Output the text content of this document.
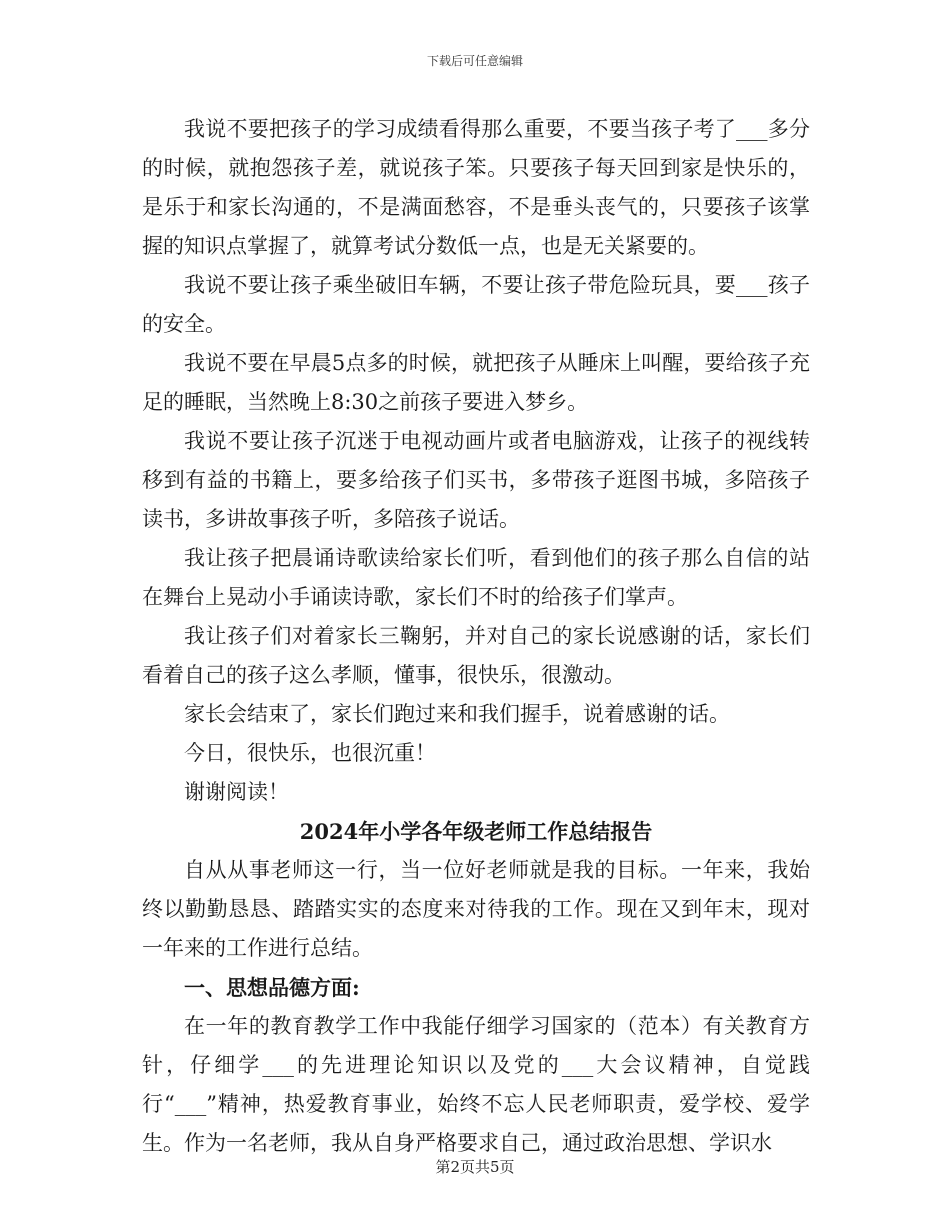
下载后可任意编辑

我说不要把孩子的学习成绩看得那么重要，不要当孩子考了___多分的时候，就抱怨孩子差，就说孩子笨。只要孩子每天回到家是快乐的，是乐于和家长沟通的，不是满面愁容，不是垂头丧气的，只要孩子该掌握的知识点掌握了，就算考试分数低一点，也是无关紧要的。

我说不要让孩子乘坐破旧车辆，不要让孩子带危险玩具，要___孩子的安全。

我说不要在早晨5点多的时候，就把孩子从睡床上叫醒，要给孩子充足的睡眠，当然晚上8:30之前孩子要进入梦乡。

我说不要让孩子沉迷于电视动画片或者电脑游戏，让孩子的视线转移到有益的书籍上，要多给孩子们买书，多带孩子逛图书城，多陪孩子读书，多讲故事孩子听，多陪孩子说话。

我让孩子把晨诵诗歌读给家长们听，看到他们的孩子那么自信的站在舞台上晃动小手诵读诗歌，家长们不时的给孩子们掌声。

我让孩子们对着家长三鞠躬，并对自己的家长说感谢的话，家长们看着自己的孩子这么孝顺，懂事，很快乐，很激动。

家长会结束了，家长们跑过来和我们握手，说着感谢的话。

今日，很快乐，也很沉重！

谢谢阅读！

2024年小学各年级老师工作总结报告

自从从事老师这一行，当一位好老师就是我的目标。一年来，我始终以勤勤恳恳、踏踏实实的态度来对待我的工作。现在又到年末，现对一年来的工作进行总结。

一、思想品德方面:

在一年的教育教学工作中我能仔细学习国家的（范本）有关教育方针，仔细学___的先进理论知识以及党的___大会议精神，自觉践行“___”精神，热爱教育事业，始终不忘人民老师职责，爱学校、爱学生。作为一名老师，我从自身严格要求自己，通过政治思想、学识水

第2页共5页
